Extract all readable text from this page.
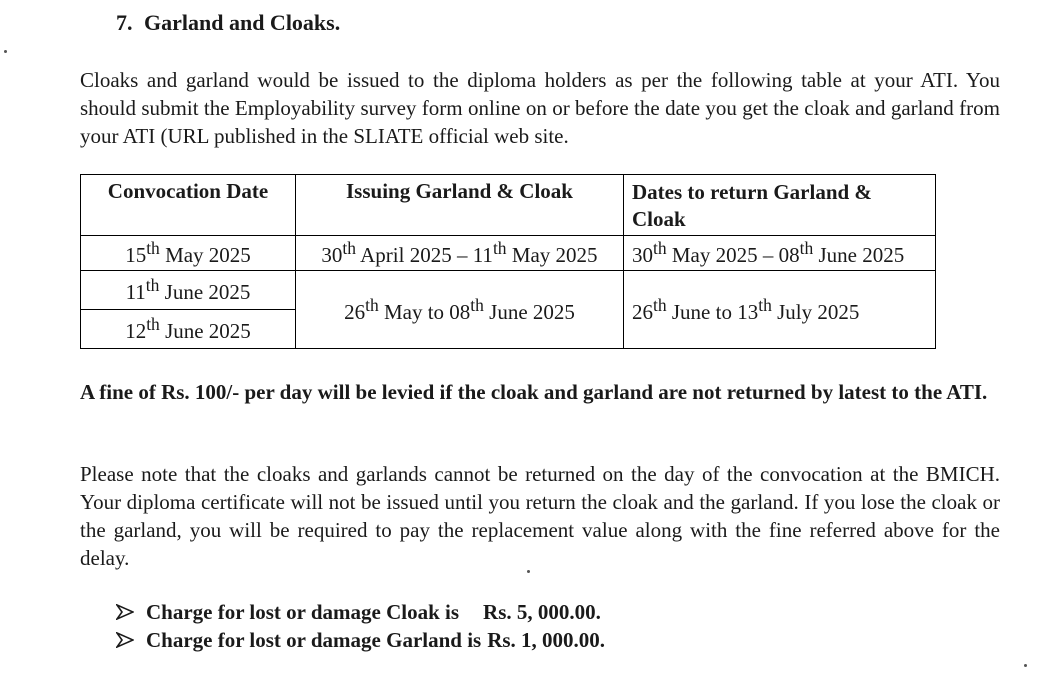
7. Garland and Cloaks.

Cloaks and garland would be issued to the diploma holders as per the following table at your ATI. You should submit the Employability survey form online on or before the date you get the cloak and garland from your ATI (URL published in the SLIATE official web site.

Convocation Date	Issuing Garland & Cloak	Dates to return Garland & Cloak
15th May 2025	30th April 2025 – 11th May 2025	30th May 2025 – 08th June 2025
11th June 2025	26th May to 08th June 2025	26th June to 13th July 2025
12th June 2025		

A fine of Rs. 100/- per day will be levied if the cloak and garland are not returned by latest to the ATI.

Please note that the cloaks and garlands cannot be returned on the day of the convocation at the BMICH. Your diploma certificate will not be issued until you return the cloak and the garland. If you lose the cloak or the garland, you will be required to pay the replacement value along with the fine referred above for the delay.

Charge for lost or damage Cloak is Rs. 5, 000.00.
Charge for lost or damage Garland is Rs. 1, 000.00.
